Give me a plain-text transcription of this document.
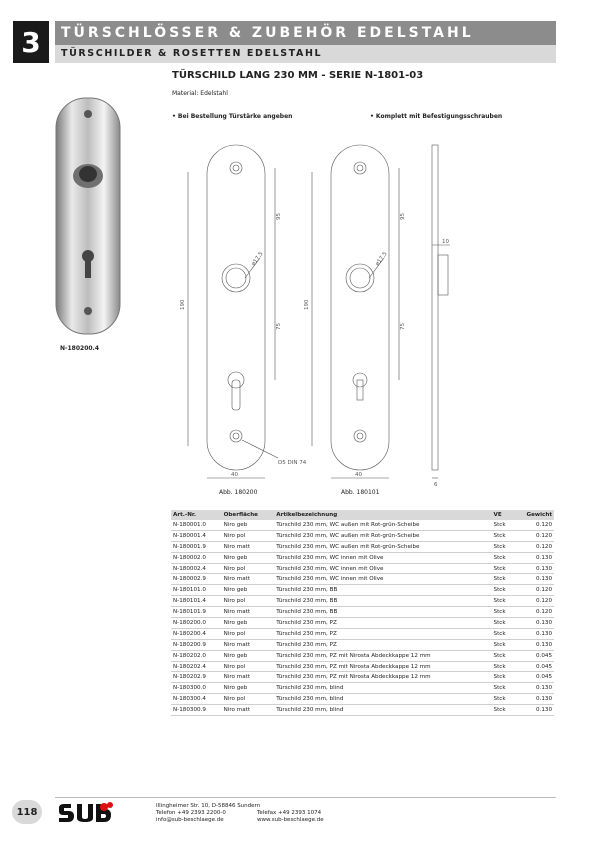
3	TÜRSCHLÖSSER & ZUBEHÖR EDELSTAHL
TÜRSCHILDER & ROSETTEN EDELSTAHL
TÜRSCHILD LANG 230 MM - SERIE N-1801-03
Material: Edelstahl
• Bei Bestellung Türstärke angeben	• Komplett mit Befestigungsschrauben
N-180200.4
190
95
75
40
ø17,5
D5 DIN 74
190
95
75
40
ø17,5
10
6
Abb. 180200	Abb. 180101
Art.-Nr.	Oberfläche	Artikelbezeichnung	VE	Gewicht
N-180001.0	Niro geb	Türschild 230 mm, WC außen mit Rot-grün-Scheibe	Stck	0.120
N-180001.4	Niro pol	Türschild 230 mm, WC außen mit Rot-grün-Scheibe	Stck	0.120
N-180001.9	Niro matt	Türschild 230 mm, WC außen mit Rot-grün-Scheibe	Stck	0.120
N-180002.0	Niro geb	Türschild 230 mm, WC innen mit Olive	Stck	0.130
N-180002.4	Niro pol	Türschild 230 mm, WC innen mit Olive	Stck	0.130
N-180002.9	Niro matt	Türschild 230 mm, WC innen mit Olive	Stck	0.130
N-180101.0	Niro geb	Türschild 230 mm, BB	Stck	0.120
N-180101.4	Niro pol	Türschild 230 mm, BB	Stck	0.120
N-180101.9	Niro matt	Türschild 230 mm, BB	Stck	0.120
N-180200.0	Niro geb	Türschild 230 mm, PZ	Stck	0.130
N-180200.4	Niro pol	Türschild 230 mm, PZ	Stck	0.130
N-180200.9	Niro matt	Türschild 230 mm, PZ	Stck	0.130
N-180202.0	Niro geb	Türschild 230 mm, PZ mit Nirosta Abdeckkappe 12 mm	Stck	0.045
N-180202.4	Niro pol	Türschild 230 mm, PZ mit Nirosta Abdeckkappe 12 mm	Stck	0.045
N-180202.9	Niro matt	Türschild 230 mm, PZ mit Nirosta Abdeckkappe 12 mm	Stck	0.045
N-180300.0	Niro geb	Türschild 230 mm, blind	Stck	0.130
N-180300.4	Niro pol	Türschild 230 mm, blind	Stck	0.130
N-180300.9	Niro matt	Türschild 230 mm, blind	Stck	0.130
118
Illingheimer Str. 10, D-58846 Sundern
Telefon +49 2393 2200-0
info@sub-beschlaege.de
Telefax +49 2393 1074
www.sub-beschlaege.de
